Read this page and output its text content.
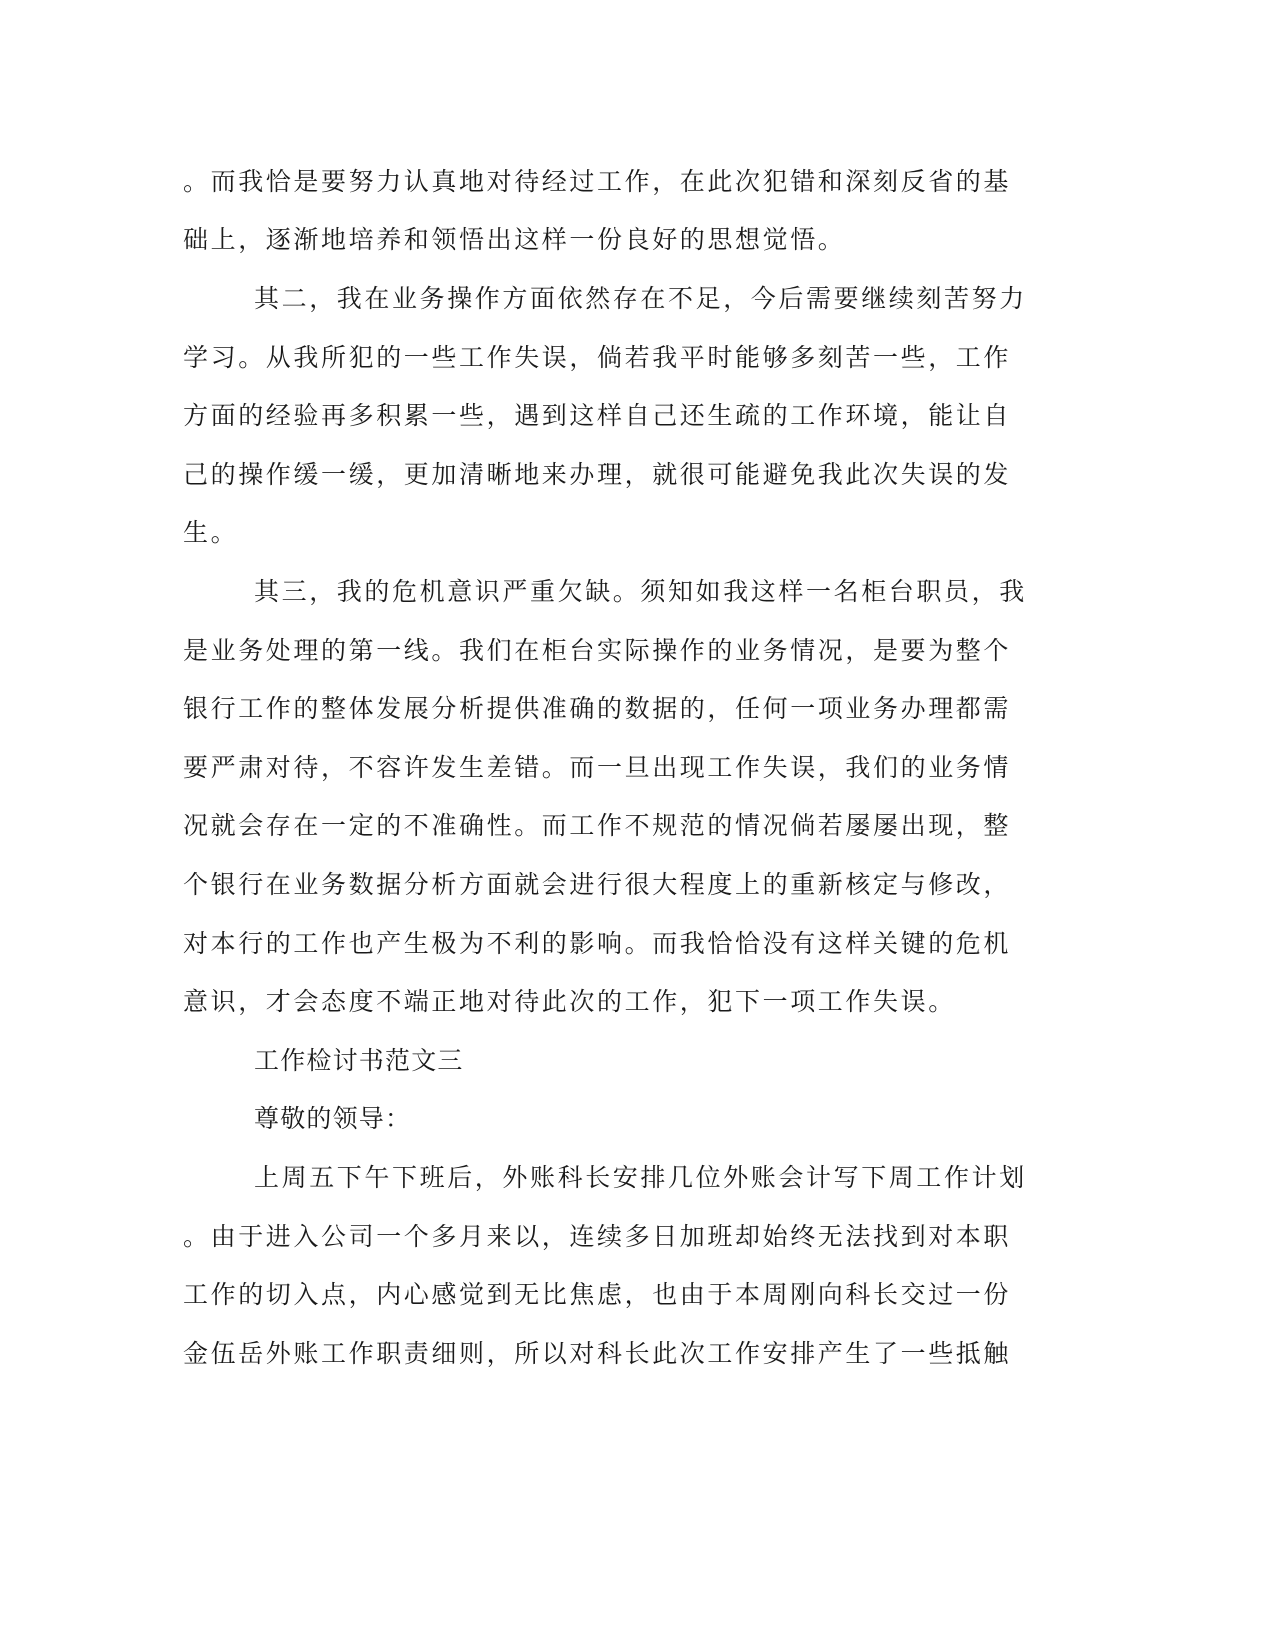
。而我恰是要努力认真地对待经过工作，在此次犯错和深刻反省的基
础上，逐渐地培养和领悟出这样一份良好的思想觉悟。
其二，我在业务操作方面依然存在不足，今后需要继续刻苦努力
学习。从我所犯的一些工作失误，倘若我平时能够多刻苦一些，工作
方面的经验再多积累一些，遇到这样自己还生疏的工作环境，能让自
己的操作缓一缓，更加清晰地来办理，就很可能避免我此次失误的发
生。
其三，我的危机意识严重欠缺。须知如我这样一名柜台职员，我
是业务处理的第一线。我们在柜台实际操作的业务情况，是要为整个
银行工作的整体发展分析提供准确的数据的，任何一项业务办理都需
要严肃对待，不容许发生差错。而一旦出现工作失误，我们的业务情
况就会存在一定的不准确性。而工作不规范的情况倘若屡屡出现，整
个银行在业务数据分析方面就会进行很大程度上的重新核定与修改，
对本行的工作也产生极为不利的影响。而我恰恰没有这样关键的危机
意识，才会态度不端正地对待此次的工作，犯下一项工作失误。
工作检讨书范文三
尊敬的领导：
上周五下午下班后，外账科长安排几位外账会计写下周工作计划
。由于进入公司一个多月来以，连续多日加班却始终无法找到对本职
工作的切入点，内心感觉到无比焦虑，也由于本周刚向科长交过一份
金伍岳外账工作职责细则，所以对科长此次工作安排产生了一些抵触
